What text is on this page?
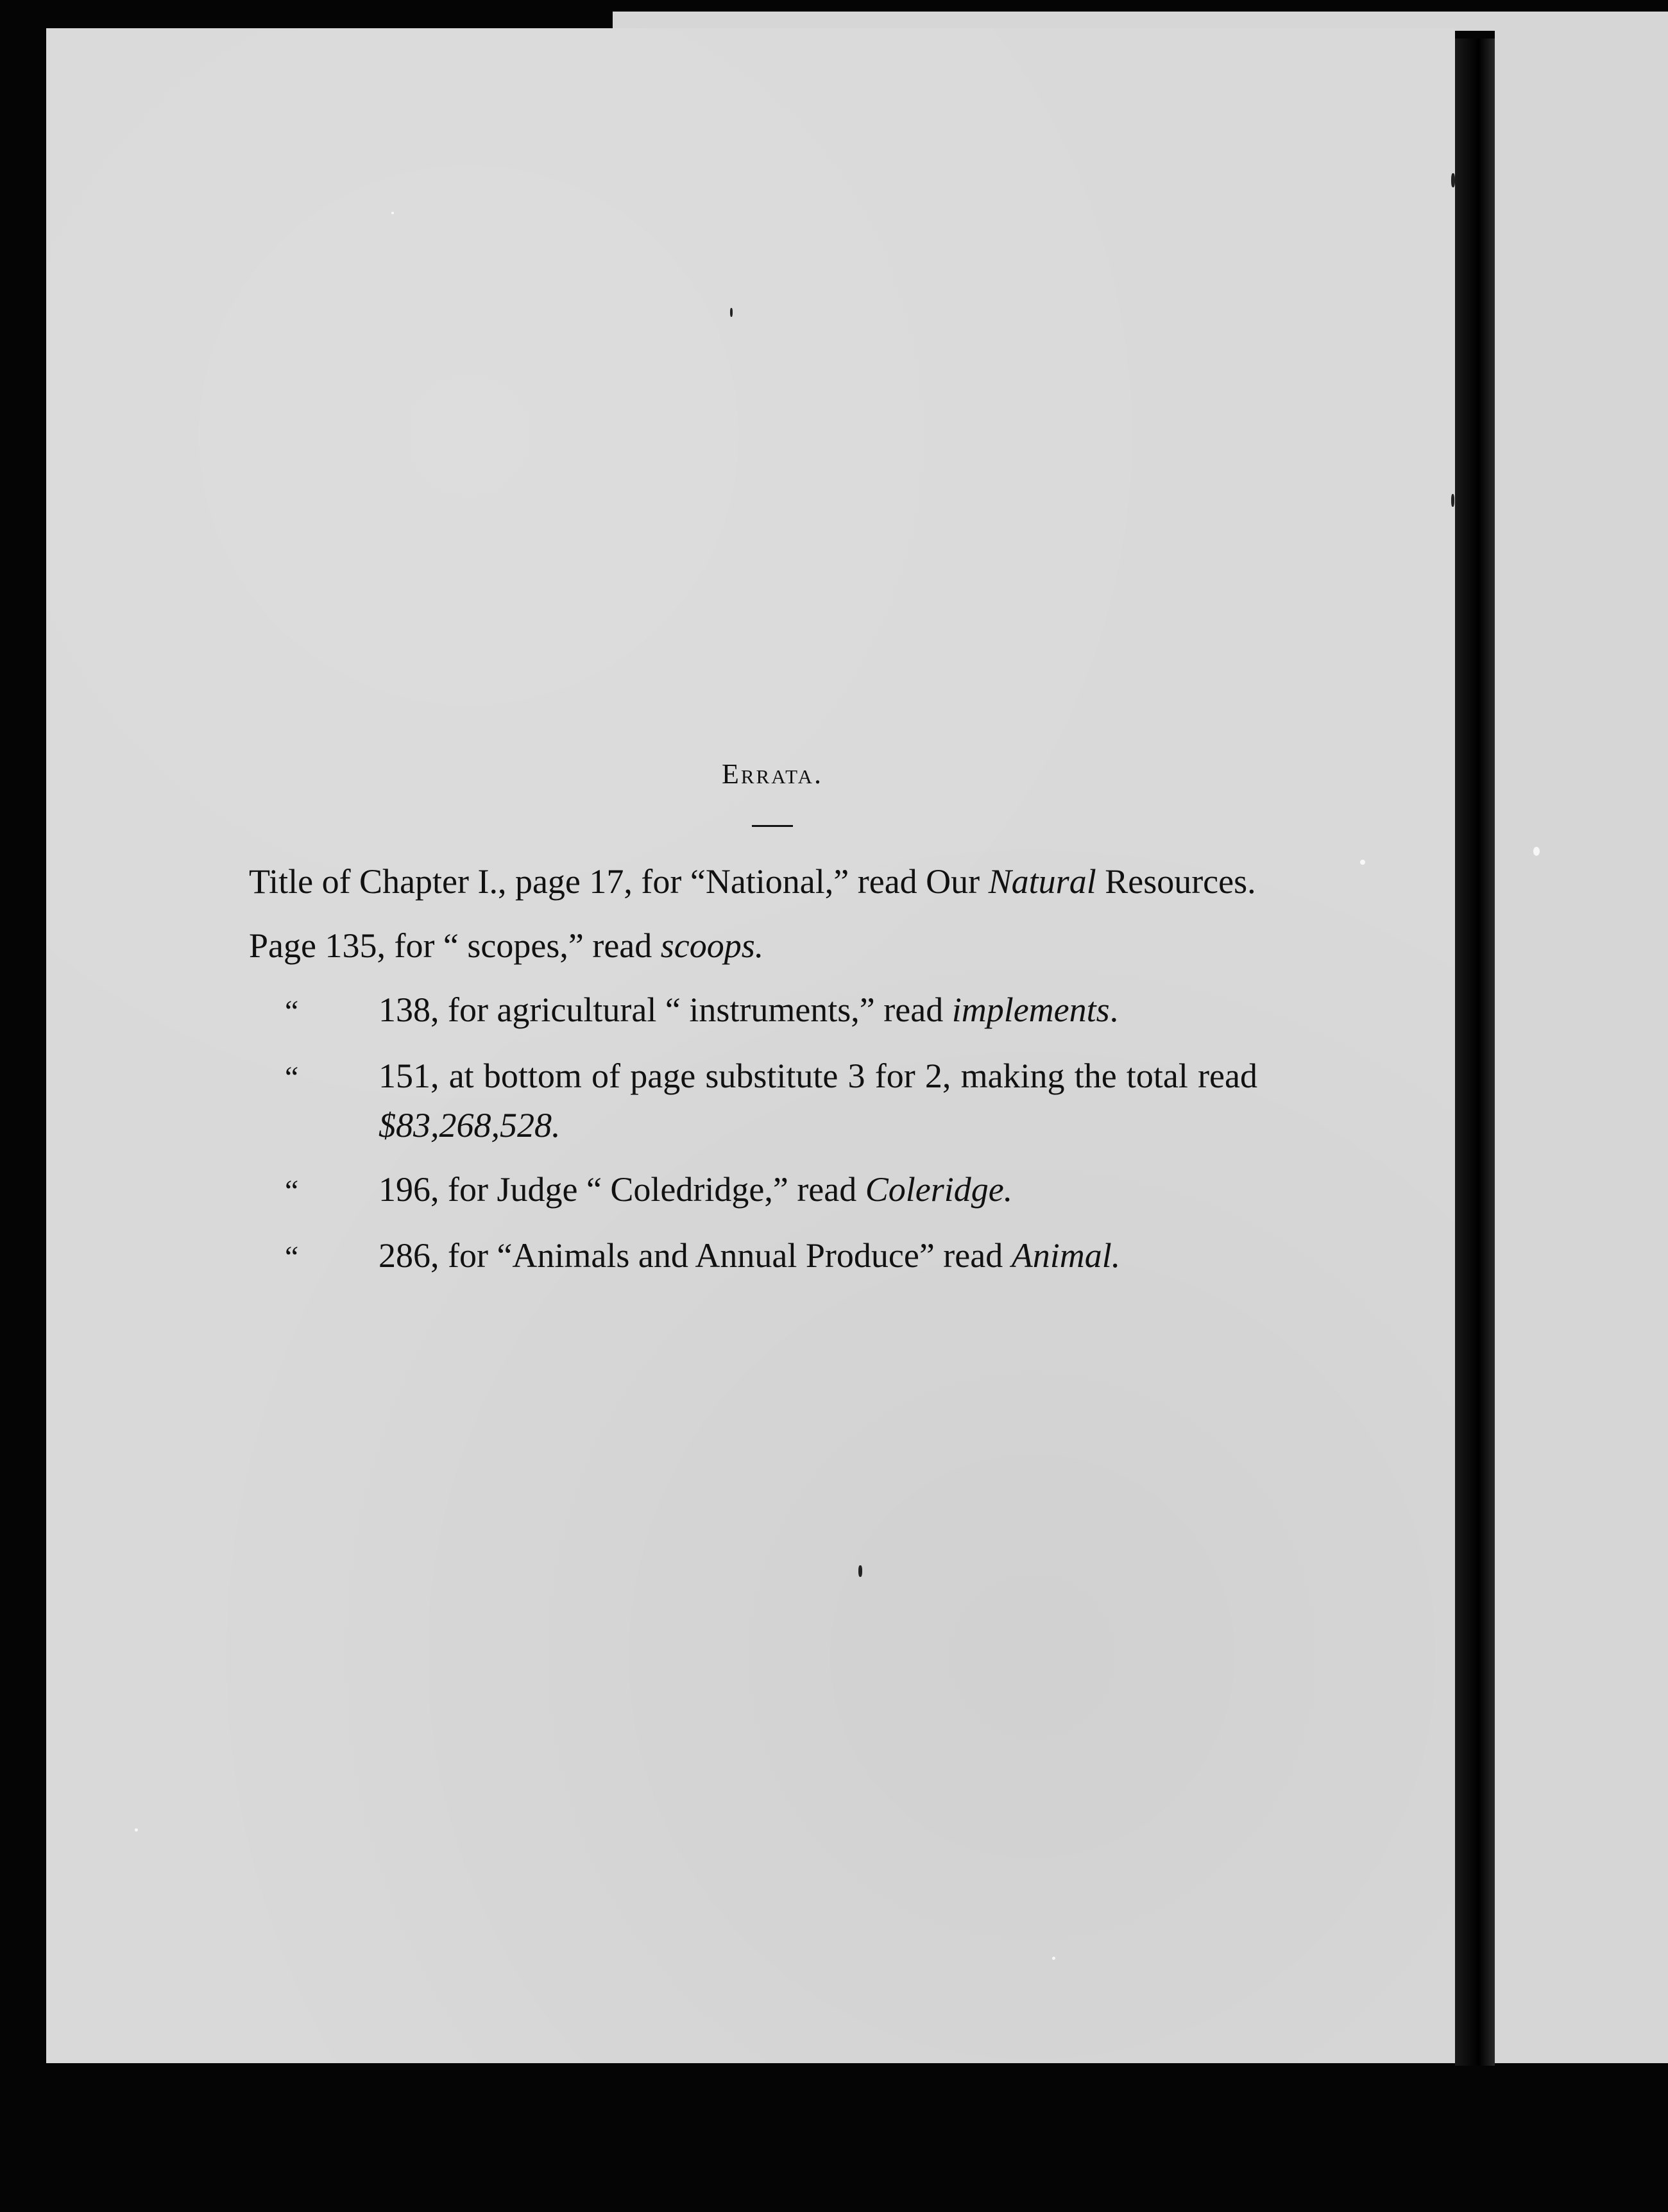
Errata.

Title of Chapter I., page 17, for “National,” read Our Natural Resources.

Page 135, for “ scopes,” read scoops.

“ 138, for agricultural “ instruments,” read implements.

“ 151, at bottom of page substitute 3 for 2, making the total read $83,268,528.

“ 196, for Judge “ Coledridge,” read Coleridge.

“ 286, for “Animals and Annual Produce” read Animal.
